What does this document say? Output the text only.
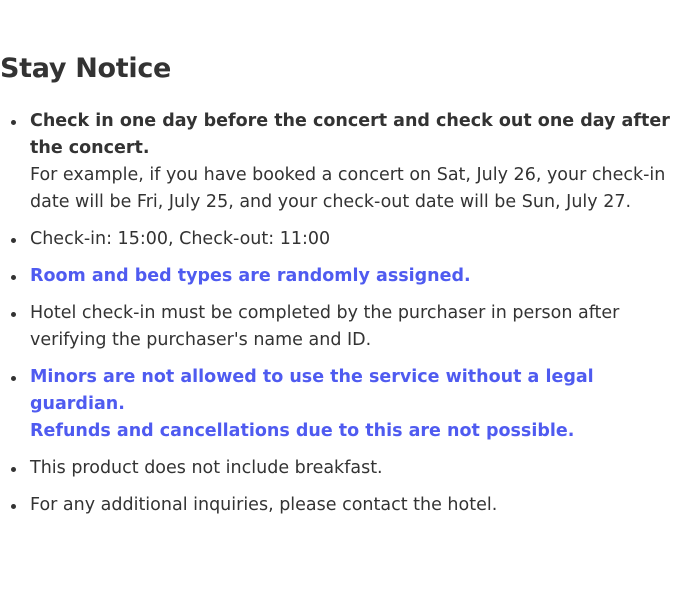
Stay Notice
Check in one day before the concert and check out one day after the concert.
For example, if you have booked a concert on Sat, July 26, your check-in date will be Fri, July 25, and your check-out date will be Sun, July 27.
Check-in: 15:00, Check-out: 11:00
Room and bed types are randomly assigned.
Hotel check-in must be completed by the purchaser in person after verifying the purchaser's name and ID.
Minors are not allowed to use the service without a legal guardian.
Refunds and cancellations due to this are not possible.
This product does not include breakfast.
For any additional inquiries, please contact the hotel.
